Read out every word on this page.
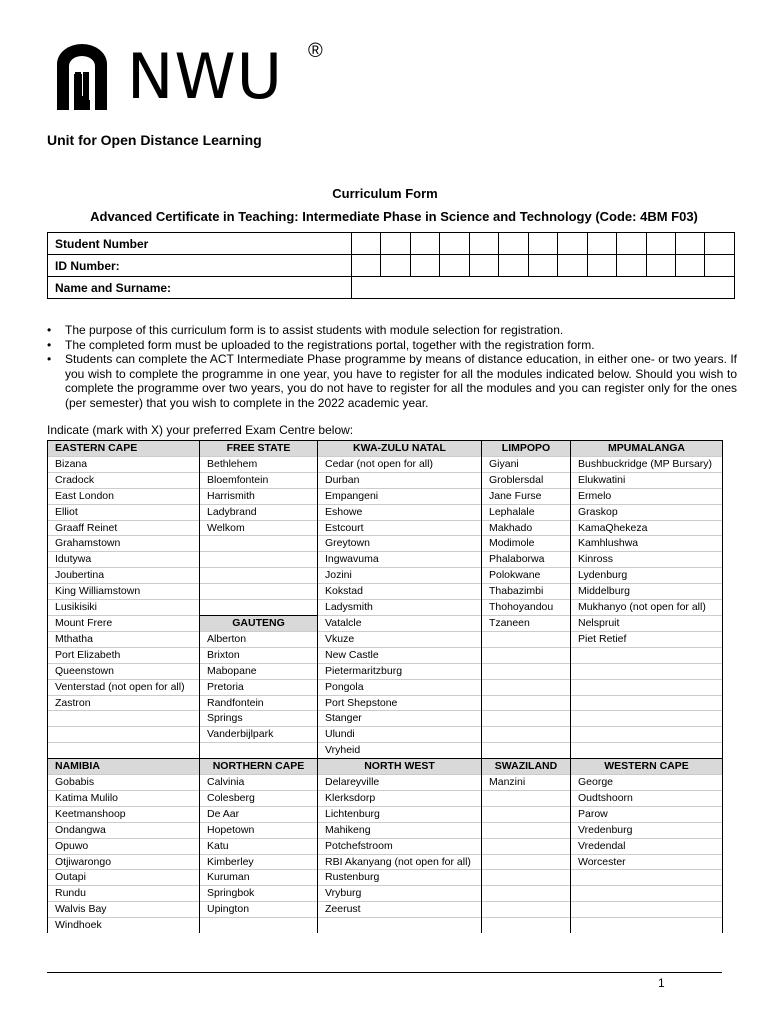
NWU ®
Unit for Open Distance Learning
Curriculum Form
Advanced Certificate in Teaching: Intermediate Phase in Science and Technology (Code: 4BM F03)
Student Number													
ID Number:													
Name and Surname:													
• The purpose of this curriculum form is to assist students with module selection for registration.
• The completed form must be uploaded to the registrations portal, together with the registration form.
• Students can complete the ACT Intermediate Phase programme by means of distance education, in either one- or two years. If you wish to complete the programme in one year, you have to register for all the modules indicated below. Should you wish to complete the programme over two years, you do not have to register for all the modules and you can register only for the ones (per semester) that you wish to complete in the 2022 academic year.
Indicate (mark with X) your preferred Exam Centre below:
EASTERN CAPE	FREE STATE	KWA-ZULU NATAL	LIMPOPO	MPUMALANGA
Bizana	Bethlehem	Cedar (not open for all)	Giyani	Bushbuckridge (MP Bursary)
Cradock	Bloemfontein	Durban	Groblersdal	Elukwatini
East London	Harrismith	Empangeni	Jane Furse	Ermelo
Elliot	Ladybrand	Eshowe	Lephalale	Graskop
Graaff Reinet	Welkom	Estcourt	Makhado	KamaQhekeza
Grahamstown		Greytown	Modimole	Kamhlushwa
Idutywa		Ingwavuma	Phalaborwa	Kinross
Joubertina		Jozini	Polokwane	Lydenburg
King Williamstown		Kokstad	Thabazimbi	Middelburg
Lusikisiki		Ladysmith	Thohoyandou	Mukhanyo (not open for all)
Mount Frere	GAUTENG	Vatalcle	Tzaneen	Nelspruit
Mthatha	Alberton	Vkuze		Piet Retief
Port Elizabeth	Brixton	New Castle		
Queenstown	Mabopane	Pietermaritzburg		
Venterstad (not open for all)	Pretoria	Pongola		
Zastron	Randfontein	Port Shepstone		
	Springs	Stanger		
	Vanderbijlpark	Ulundi		
		Vryheid		
NAMIBIA	NORTHERN CAPE	NORTH WEST	SWAZILAND	WESTERN CAPE
Gobabis	Calvinia	Delareyville	Manzini	George
Katima Mulilo	Colesberg	Klerksdorp		Oudtshoorn
Keetmanshoop	De Aar	Lichtenburg		Parow
Ondangwa	Hopetown	Mahikeng		Vredenburg
Opuwo	Katu	Potchefstroom		Vredendal
Otjiwarongo	Kimberley	RBI Akanyang (not open for all)		Worcester
Outapi	Kuruman	Rustenburg		
Rundu	Springbok	Vryburg		
Walvis Bay	Upington	Zeerust		
Windhoek				
1
